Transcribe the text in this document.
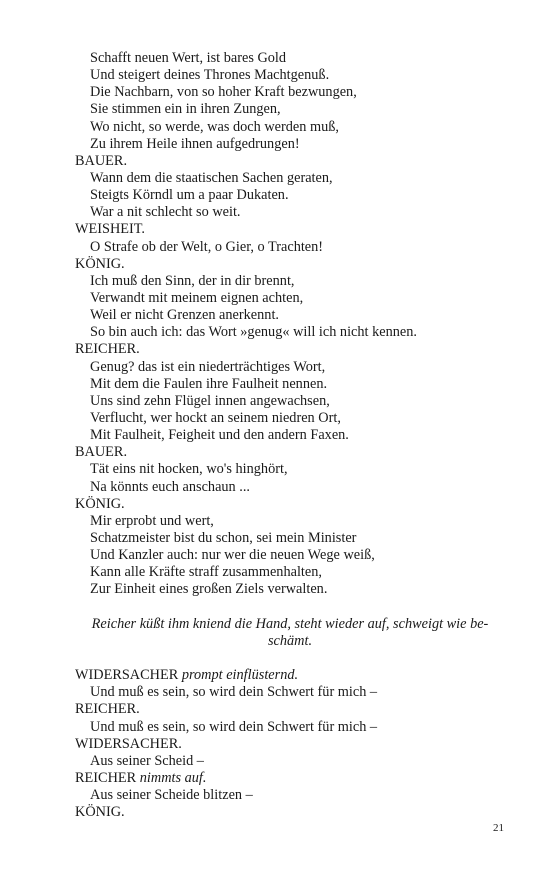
Schafft neuen Wert, ist bares Gold
Und steigert deines Thrones Machtgenuß.
Die Nachbarn, von so hoher Kraft bezwungen,
Sie stimmen ein in ihren Zungen,
Wo nicht, so werde, was doch werden muß,
Zu ihrem Heile ihnen aufgedrungen!
BAUER.
Wann dem die staatischen Sachen geraten,
Steigts Körndl um a paar Dukaten.
War a nit schlecht so weit.
WEISHEIT.
O Strafe ob der Welt, o Gier, o Trachten!
KÖNIG.
Ich muß den Sinn, der in dir brennt,
Verwandt mit meinem eignen achten,
Weil er nicht Grenzen anerkennt.
So bin auch ich: das Wort »genug« will ich nicht kennen.
REICHER.
Genug? das ist ein niederträchtiges Wort,
Mit dem die Faulen ihre Faulheit nennen.
Uns sind zehn Flügel innen angewachsen,
Verflucht, wer hockt an seinem niedren Ort,
Mit Faulheit, Feigheit und den andern Faxen.
BAUER.
Tät eins nit hocken, wo's hinghört,
Na könnts euch anschaun ...
KÖNIG.
Mir erprobt und wert,
Schatzmeister bist du schon, sei mein Minister
Und Kanzler auch: nur wer die neuen Wege weiß,
Kann alle Kräfte straff zusammenhalten,
Zur Einheit eines großen Ziels verwalten.

Reicher küßt ihm kniend die Hand, steht wieder auf, schweigt wie be-
schämt.

WIDERSACHER prompt einflüsternd.
Und muß es sein, so wird dein Schwert für mich –
REICHER.
Und muß es sein, so wird dein Schwert für mich –
WIDERSACHER.
Aus seiner Scheid –
REICHER nimmts auf.
Aus seiner Scheide blitzen –
KÖNIG.
21
